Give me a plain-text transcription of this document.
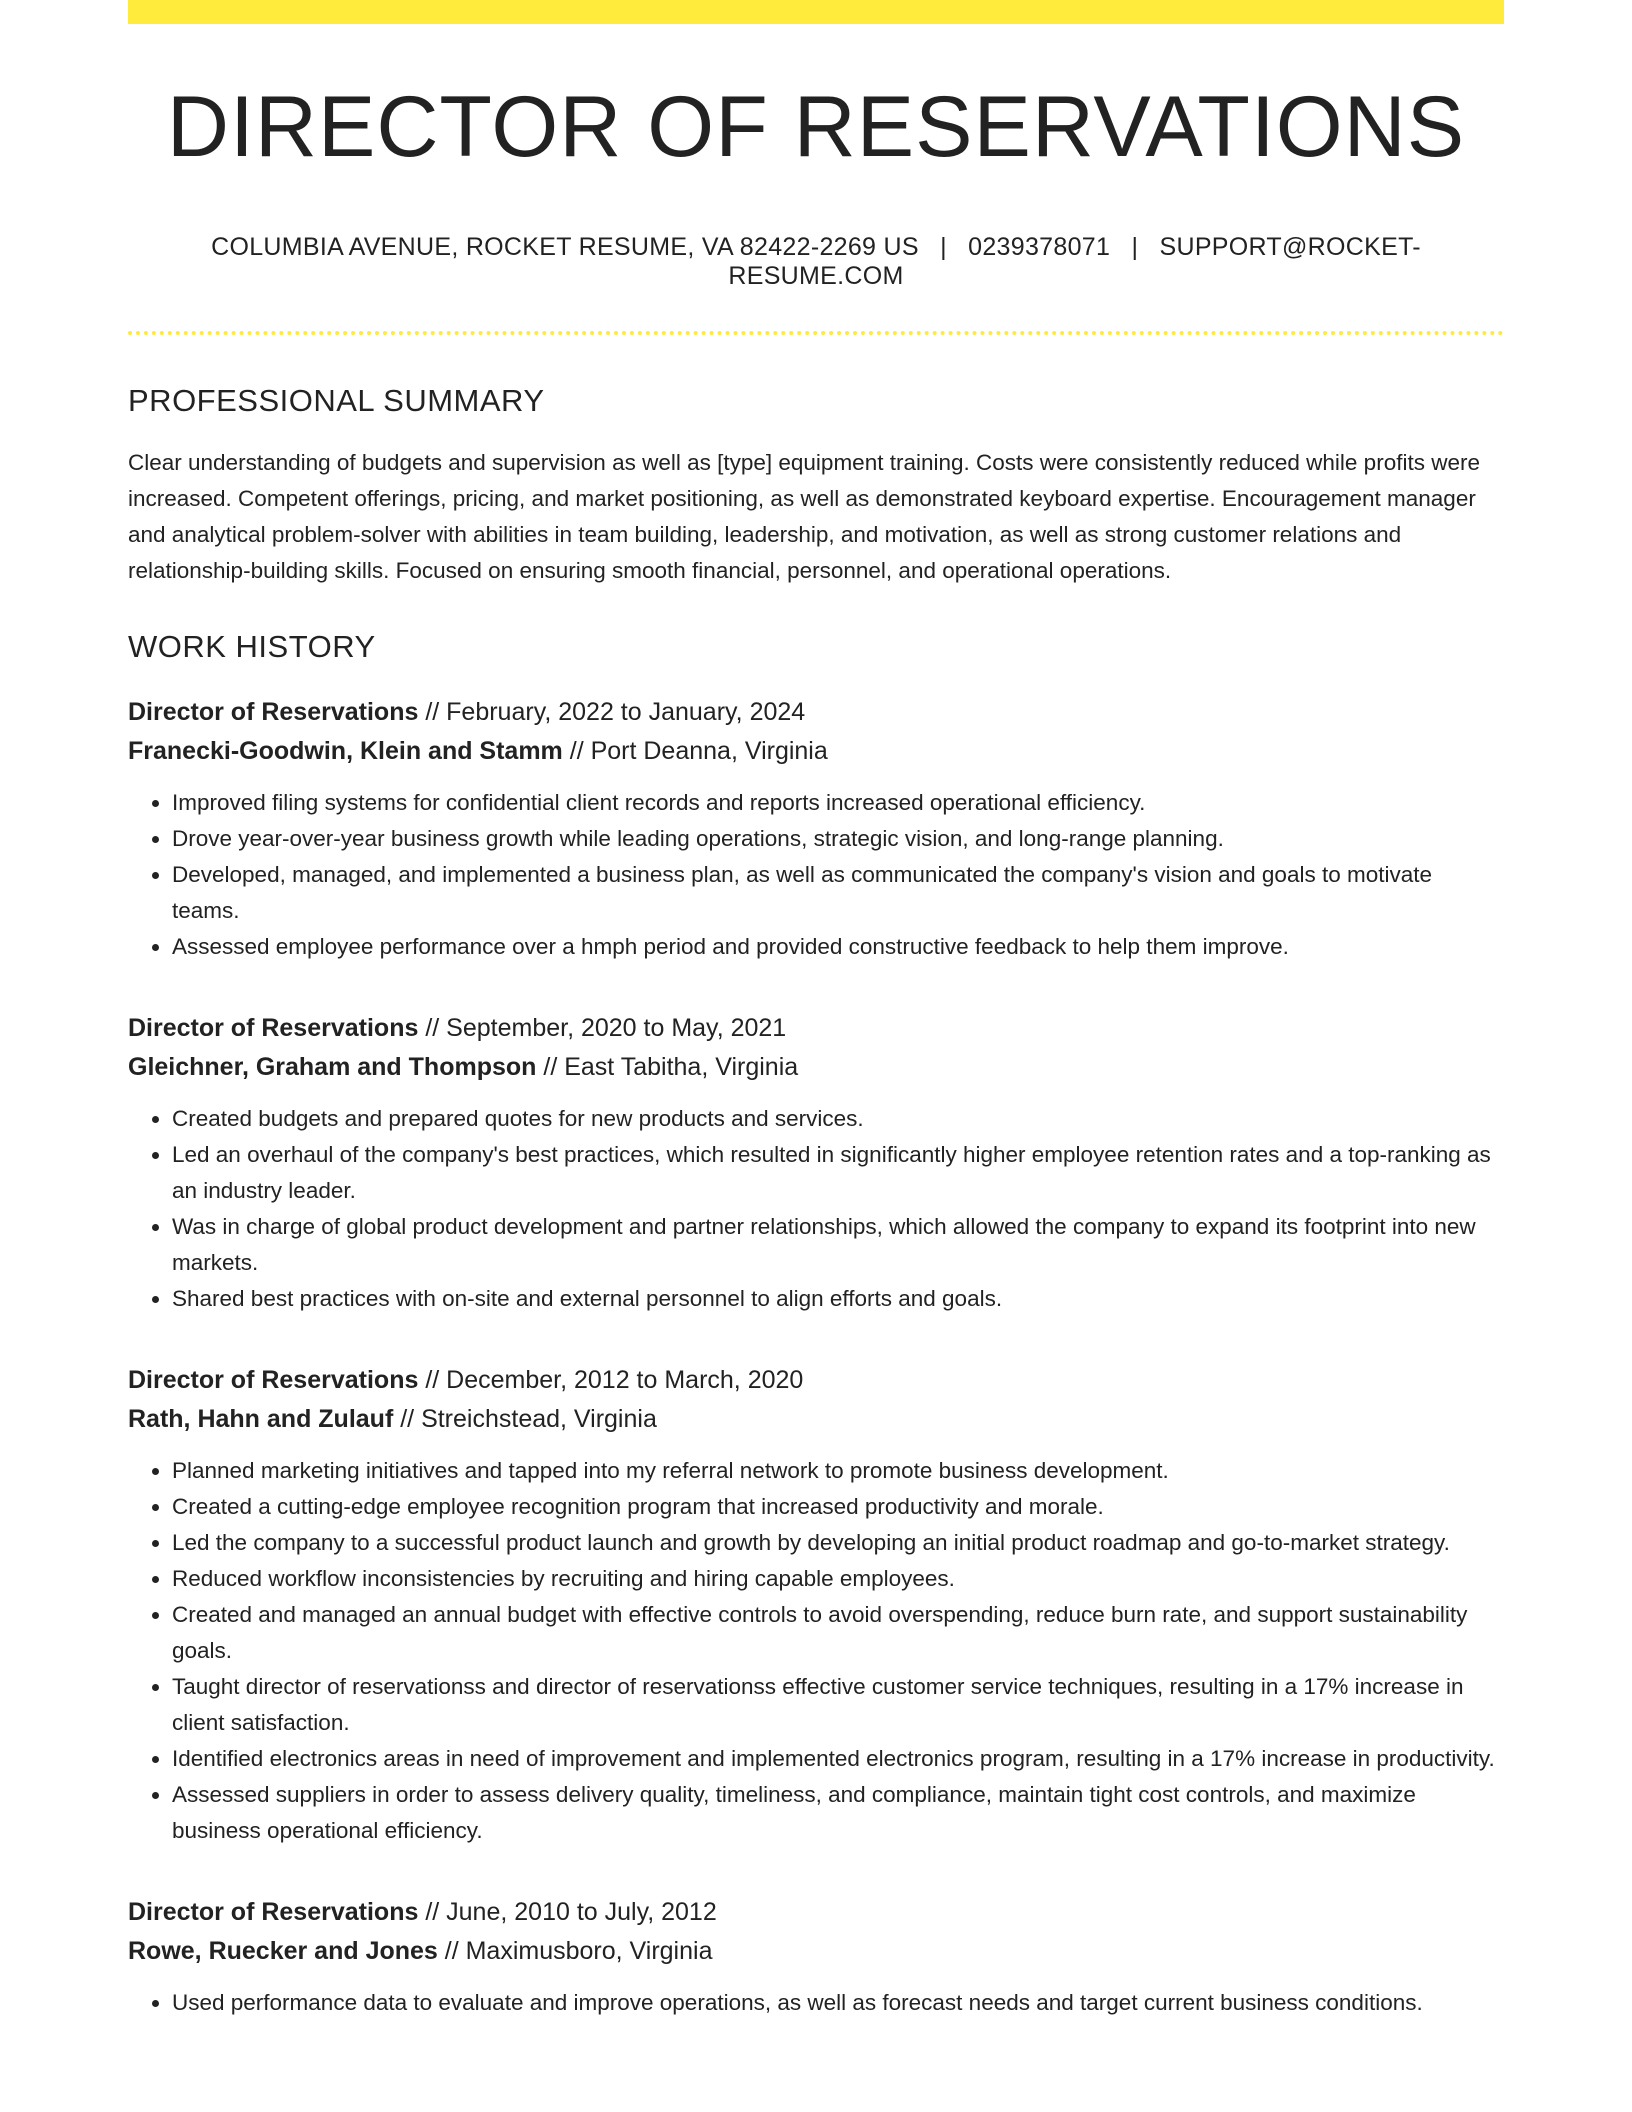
DIRECTOR OF RESERVATIONS
COLUMBIA AVENUE, ROCKET RESUME, VA 82422-2269 US | 0239378071 | SUPPORT@ROCKET-RESUME.COM
PROFESSIONAL SUMMARY

Clear understanding of budgets and supervision as well as [type] equipment training. Costs were consistently reduced while profits were increased. Competent offerings, pricing, and market positioning, as well as demonstrated keyboard expertise. Encouragement manager and analytical problem-solver with abilities in team building, leadership, and motivation, as well as strong customer relations and relationship-building skills. Focused on ensuring smooth financial, personnel, and operational operations.

WORK HISTORY
Director of Reservations // February, 2022 to January, 2024
Franecki-Goodwin, Klein and Stamm // Port Deanna, Virginia
• Improved filing systems for confidential client records and reports increased operational efficiency.
• Drove year-over-year business growth while leading operations, strategic vision, and long-range planning.
• Developed, managed, and implemented a business plan, as well as communicated the company's vision and goals to motivate teams.
• Assessed employee performance over a hmph period and provided constructive feedback to help them improve.
Director of Reservations // September, 2020 to May, 2021
Gleichner, Graham and Thompson // East Tabitha, Virginia
• Created budgets and prepared quotes for new products and services.
• Led an overhaul of the company's best practices, which resulted in significantly higher employee retention rates and a top-ranking as an industry leader.
• Was in charge of global product development and partner relationships, which allowed the company to expand its footprint into new markets.
• Shared best practices with on-site and external personnel to align efforts and goals.
Director of Reservations // December, 2012 to March, 2020
Rath, Hahn and Zulauf // Streichstead, Virginia
• Planned marketing initiatives and tapped into my referral network to promote business development.
• Created a cutting-edge employee recognition program that increased productivity and morale.
• Led the company to a successful product launch and growth by developing an initial product roadmap and go-to-market strategy.
• Reduced workflow inconsistencies by recruiting and hiring capable employees.
• Created and managed an annual budget with effective controls to avoid overspending, reduce burn rate, and support sustainability goals.
• Taught director of reservationss and director of reservationss effective customer service techniques, resulting in a 17% increase in client satisfaction.
• Identified electronics areas in need of improvement and implemented electronics program, resulting in a 17% increase in productivity.
• Assessed suppliers in order to assess delivery quality, timeliness, and compliance, maintain tight cost controls, and maximize business operational efficiency.
Director of Reservations // June, 2010 to July, 2012
Rowe, Ruecker and Jones // Maximusboro, Virginia
• Used performance data to evaluate and improve operations, as well as forecast needs and target current business conditions.
